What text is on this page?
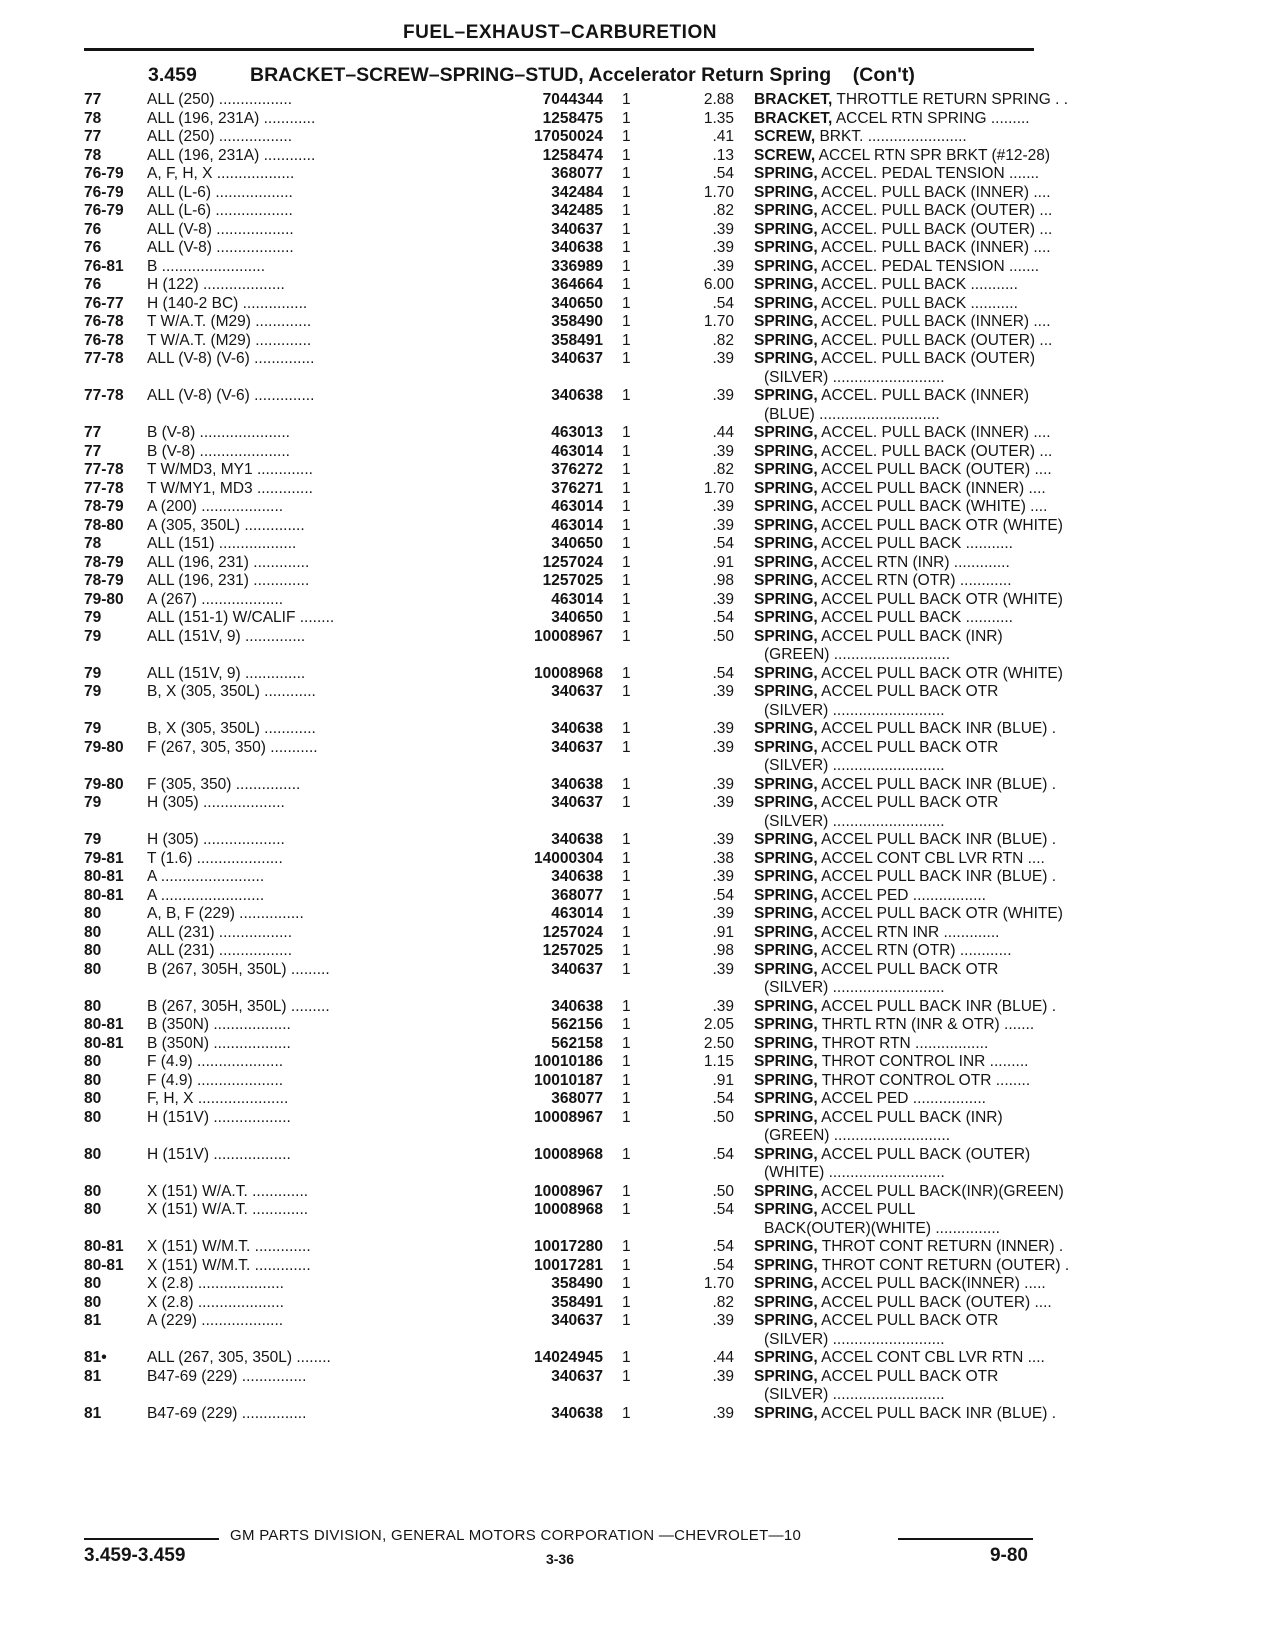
FUEL–EXHAUST–CARBURETION
3.459	BRACKET–SCREW–SPRING–STUD, Accelerator Return Spring (Con't)
77	ALL (250) .................	7044344 1	2.88 BRACKET, THROTTLE RETURN SPRING . .
78	ALL (196, 231A) ............	1258475 1	1.35 BRACKET, ACCEL RTN SPRING .........
77	ALL (250) .................	17050024 1	.41 SCREW, BRKT. .......................
78	ALL (196, 231A) ............	1258474 1	.13 SCREW, ACCEL RTN SPR BRKT (#12-28)
76-79	A, F, H, X ..................	368077 1	.54 SPRING, ACCEL. PEDAL TENSION .......
76-79	ALL (L-6) ..................	342484 1	1.70 SPRING, ACCEL. PULL BACK (INNER) ....
76-79	ALL (L-6) ..................	342485 1	.82 SPRING, ACCEL. PULL BACK (OUTER) ...
76	ALL (V-8) ..................	340637 1	.39 SPRING, ACCEL. PULL BACK (OUTER) ...
76	ALL (V-8) ..................	340638 1	.39 SPRING, ACCEL. PULL BACK (INNER) ....
76-81	B ........................	336989 1	.39 SPRING, ACCEL. PEDAL TENSION .......
76	H (122) ...................	364664 1	6.00 SPRING, ACCEL. PULL BACK ...........
76-77	H (140-2 BC) ...............	340650 1	.54 SPRING, ACCEL. PULL BACK ...........
76-78	T W/A.T. (M29) .............	358490 1	1.70 SPRING, ACCEL. PULL BACK (INNER) ....
76-78	T W/A.T. (M29) .............	358491 1	.82 SPRING, ACCEL. PULL BACK (OUTER) ...
77-78	ALL (V-8) (V-6) ..............	340637 1	.39 SPRING, ACCEL. PULL BACK (OUTER)
(SILVER) ..........................
77-78	ALL (V-8) (V-6) ..............	340638 1	.39 SPRING, ACCEL. PULL BACK (INNER)
(BLUE) ............................
77	B (V-8) .....................	463013 1	.44 SPRING, ACCEL. PULL BACK (INNER) ....
77	B (V-8) .....................	463014 1	.39 SPRING, ACCEL. PULL BACK (OUTER) ...
77-78	T W/MD3, MY1 .............	376272 1	.82 SPRING, ACCEL PULL BACK (OUTER) ....
77-78	T W/MY1, MD3 .............	376271 1	1.70 SPRING, ACCEL PULL BACK (INNER) ....
78-79	A (200) ...................	463014 1	.39 SPRING, ACCEL PULL BACK (WHITE) ....
78-80	A (305, 350L) ..............	463014 1	.39 SPRING, ACCEL PULL BACK OTR (WHITE)
78	ALL (151) ..................	340650 1	.54 SPRING, ACCEL PULL BACK ...........
78-79	ALL (196, 231) .............	1257024 1	.91 SPRING, ACCEL RTN (INR) .............
78-79	ALL (196, 231) .............	1257025 1	.98 SPRING, ACCEL RTN (OTR) ............
79-80	A (267) ...................	463014 1	.39 SPRING, ACCEL PULL BACK OTR (WHITE)
79	ALL (151-1) W/CALIF ........	340650 1	.54 SPRING, ACCEL PULL BACK ...........
79	ALL (151V, 9) ..............	10008967 1	.50 SPRING, ACCEL PULL BACK (INR)
(GREEN) ...........................
79	ALL (151V, 9) ..............	10008968 1	.54 SPRING, ACCEL PULL BACK OTR (WHITE)
79	B, X (305, 350L) ............	340637 1	.39 SPRING, ACCEL PULL BACK OTR
(SILVER) ..........................
79	B, X (305, 350L) ............	340638 1	.39 SPRING, ACCEL PULL BACK INR (BLUE) .
79-80	F (267, 305, 350) ...........	340637 1	.39 SPRING, ACCEL PULL BACK OTR
(SILVER) ..........................
79-80	F (305, 350) ...............	340638 1	.39 SPRING, ACCEL PULL BACK INR (BLUE) .
79	H (305) ...................	340637 1	.39 SPRING, ACCEL PULL BACK OTR
(SILVER) ..........................
79	H (305) ...................	340638 1	.39 SPRING, ACCEL PULL BACK INR (BLUE) .
79-81	T (1.6) ....................	14000304 1	.38 SPRING, ACCEL CONT CBL LVR RTN ....
80-81	A ........................	340638 1	.39 SPRING, ACCEL PULL BACK INR (BLUE) .
80-81	A ........................	368077 1	.54 SPRING, ACCEL PED .................
80	A, B, F (229) ...............	463014 1	.39 SPRING, ACCEL PULL BACK OTR (WHITE)
80	ALL (231) .................	1257024 1	.91 SPRING, ACCEL RTN INR .............
80	ALL (231) .................	1257025 1	.98 SPRING, ACCEL RTN (OTR) ............
80	B (267, 305H, 350L) .........	340637 1	.39 SPRING, ACCEL PULL BACK OTR
(SILVER) ..........................
80	B (267, 305H, 350L) .........	340638 1	.39 SPRING, ACCEL PULL BACK INR (BLUE) .
80-81	B (350N) ..................	562156 1	2.05 SPRING, THRTL RTN (INR & OTR) .......
80-81	B (350N) ..................	562158 1	2.50 SPRING, THROT RTN .................
80	F (4.9) ....................	10010186 1	1.15 SPRING, THROT CONTROL INR .........
80	F (4.9) ....................	10010187 1	.91 SPRING, THROT CONTROL OTR ........
80	F, H, X .....................	368077 1	.54 SPRING, ACCEL PED .................
80	H (151V) ..................	10008967 1	.50 SPRING, ACCEL PULL BACK (INR)
(GREEN) ...........................
80	H (151V) ..................	10008968 1	.54 SPRING, ACCEL PULL BACK (OUTER)
(WHITE) ...........................
80	X (151) W/A.T. .............	10008967 1	.50 SPRING, ACCEL PULL BACK(INR)(GREEN)
80	X (151) W/A.T. .............	10008968 1	.54 SPRING, ACCEL PULL
BACK(OUTER)(WHITE) ...............
80-81	X (151) W/M.T. .............	10017280 1	.54 SPRING, THROT CONT RETURN (INNER) .
80-81	X (151) W/M.T. .............	10017281 1	.54 SPRING, THROT CONT RETURN (OUTER) .
80	X (2.8) ....................	358490 1	1.70 SPRING, ACCEL PULL BACK(INNER) .....
80	X (2.8) ....................	358491 1	.82 SPRING, ACCEL PULL BACK (OUTER) ....
81	A (229) ...................	340637 1	.39 SPRING, ACCEL PULL BACK OTR
(SILVER) ..........................
81•	ALL (267, 305, 350L) ........	14024945 1	.44 SPRING, ACCEL CONT CBL LVR RTN ....
81	B47-69 (229) ...............	340637 1	.39 SPRING, ACCEL PULL BACK OTR
(SILVER) ..........................
81	B47-69 (229) ...............	340638 1	.39 SPRING, ACCEL PULL BACK INR (BLUE) .
GM PARTS DIVISION, GENERAL MOTORS CORPORATION —CHEVROLET—10
3.459-3.459	3-36	9-80
